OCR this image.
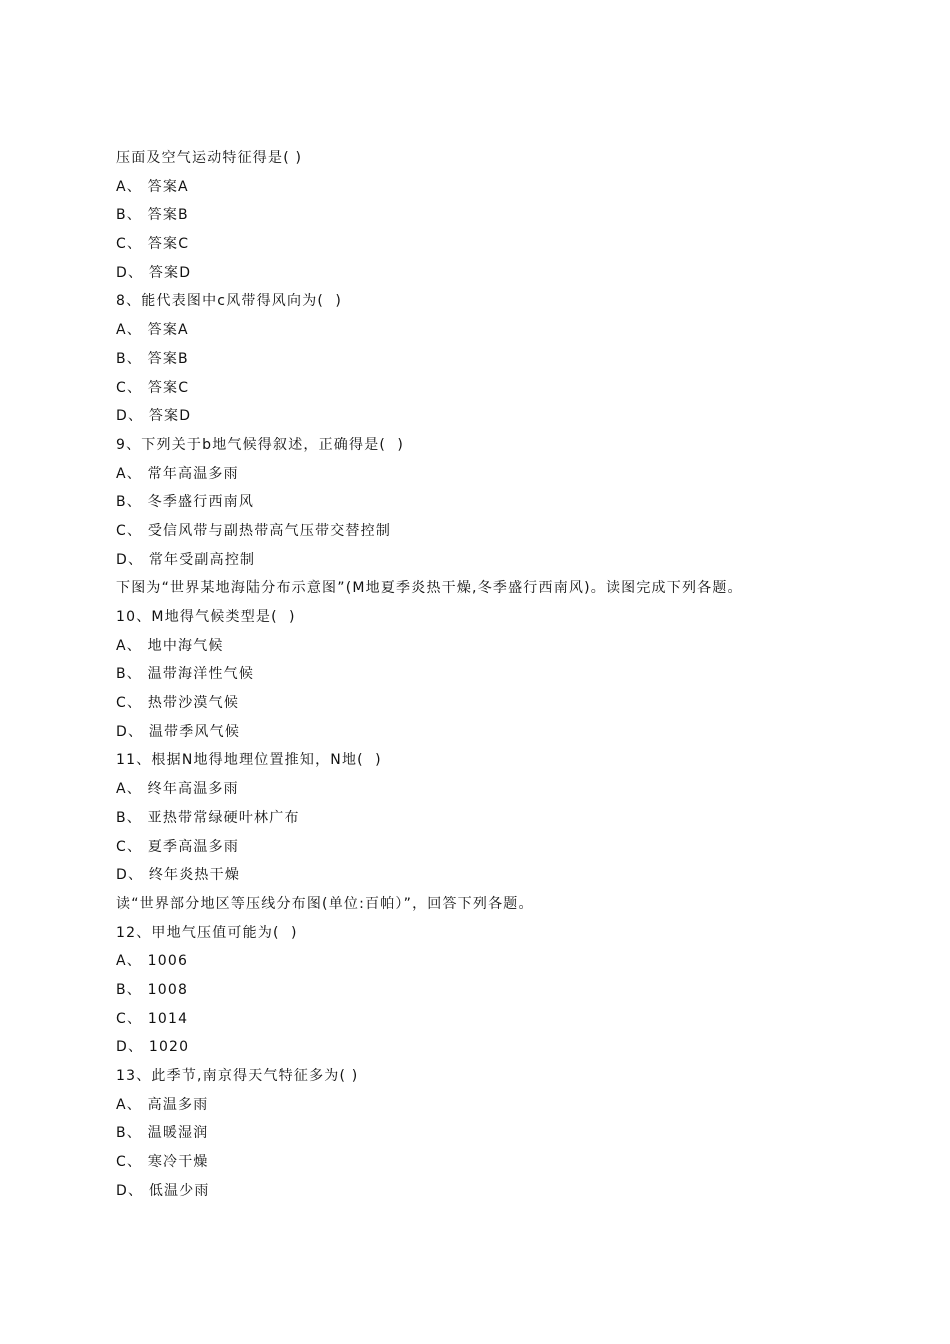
压面及空气运动特征得是( )
A、 答案A
B、 答案B
C、 答案C
D、 答案D
8、能代表图中c风带得风向为(  )
A、 答案A
B、 答案B
C、 答案C
D、 答案D
9、下列关于b地气候得叙述，正确得是(  )
A、 常年高温多雨
B、 冬季盛行西南风
C、 受信风带与副热带高气压带交替控制
D、 常年受副高控制
下图为“世界某地海陆分布示意图”(M地夏季炎热干燥,冬季盛行西南风)。读图完成下列各题。
10、M地得气候类型是(  )
A、 地中海气候
B、 温带海洋性气候
C、 热带沙漠气候
D、 温带季风气候
11、根据N地得地理位置推知，N地(  )
A、 终年高温多雨
B、 亚热带常绿硬叶林广布
C、 夏季高温多雨
D、 终年炎热干燥
读“世界部分地区等压线分布图(单位:百帕）”，回答下列各题。
12、甲地气压值可能为(  )
A、 1006
B、 1008
C、 1014
D、 1020
13、此季节,南京得天气特征多为( )
A、 高温多雨
B、 温暖湿润
C、 寒冷干燥
D、 低温少雨
